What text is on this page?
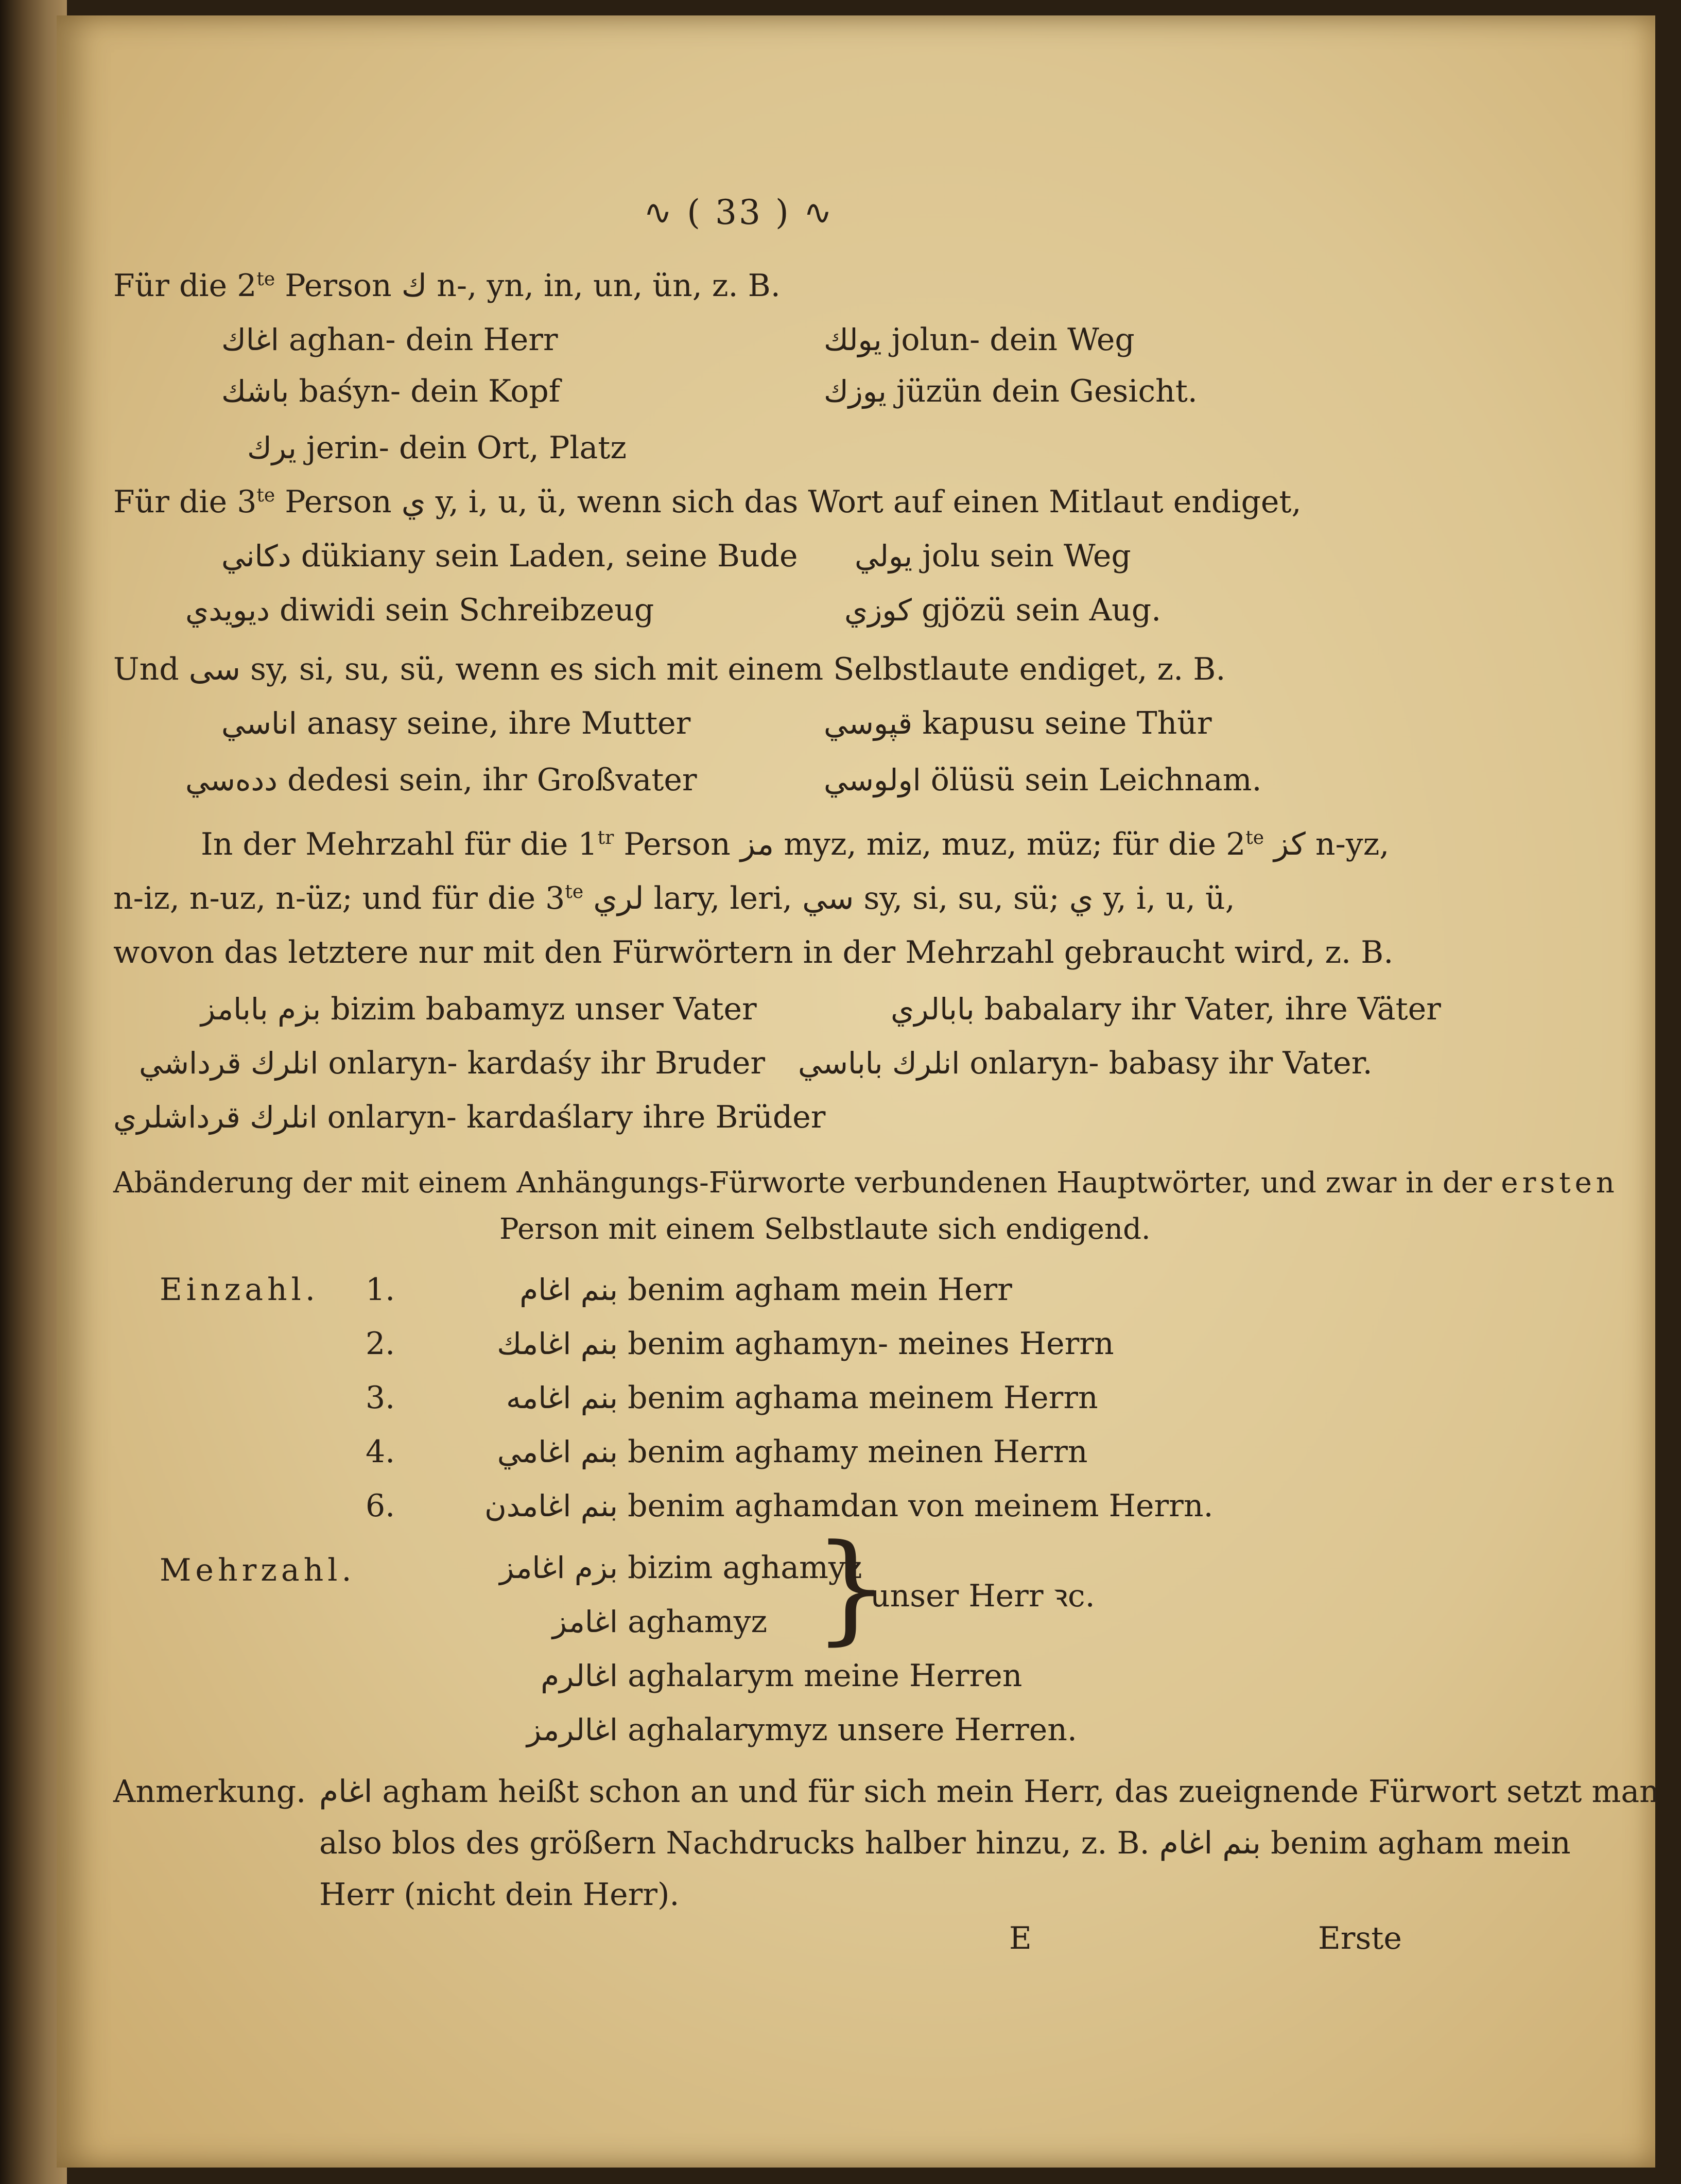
∿ ( 33 ) ∿
Für die $2^{te}$ Person ك n-, yn, in, un, ün, z. B.
اغاك aghan- dein Herr	يولك jolun- dein Weg
باشك baśyn- dein Kopf	يوزك jüzün dein Gesicht.
يرك jerin- dein Ort, Platz
Für die $3^{te}$ Person ي y, i, u, ü, wenn sich das Wort auf einen Mitlaut endiget,
دكاني dükiany sein Laden, seine Bude يولي jolu sein Weg
ديويدي diwidi sein Schreibzeug	كوزي gjözü sein Aug.
Und سى sy, si, su, sü, wenn es sich mit einem Selbstlaute endiget, z. B.
اناسي anasy seine, ihre Mutter	قپوسي kapusu seine Thür
ددەسي dedesi sein, ihr Großvater	اولوسي ölüsü sein Leichnam.
In der Mehrzahl für die $1^{tr}$ Person مز myz, miz, muz, müz; für die $2^{te}$ كز n-yz,
n-iz, n-uz, n-üz; und für die $3^{te}$ لري lary, leri, سي sy, si, su, sü; ي y, i, u, ü,
wovon das letztere nur mit den Fürwörtern in der Mehrzahl gebraucht wird, z. B.
بزم بابامز bizim babamyz unser Vater	بابالري babalary ihr Vater, ihre Väter
انلرك قرداشي onlaryn- kardaśy ihr Bruder انلرك باباسي onlaryn- babasy ihr Vater.
انلرك قرداشلري onlaryn- kardaślary ihre Brüder
Abänderung der mit einem Anhängungs-Fürworte verbundenen Hauptwörter, und zwar in der ersten
Person mit einem Selbstlaute sich endigend.
Einzahl. 1.	بنم اغام benim agham mein Herr
2.	بنم اغامك benim aghamyn- meines Herrn
3.	بنم اغامه benim aghama meinem Herrn
4.	بنم اغامي benim aghamy meinen Herrn
6.	بنم اغامدن benim aghamdan von meinem Herrn.
Mehrzahl.	بزم اغامز bizim aghamyz
اغامز aghamyz }
unser Herr ꝛc.
اغالرم aghalarym meine Herren
اغالرمز aghalarymyz unsere Herren.
Anmerkung. اغام agham heißt schon an und für sich mein Herr, das zueignende Fürwort setzt man
also blos des größern Nachdrucks halber hinzu, z. B. بنم اغام benim agham mein
Herr (nicht dein Herr).
E	Erste
